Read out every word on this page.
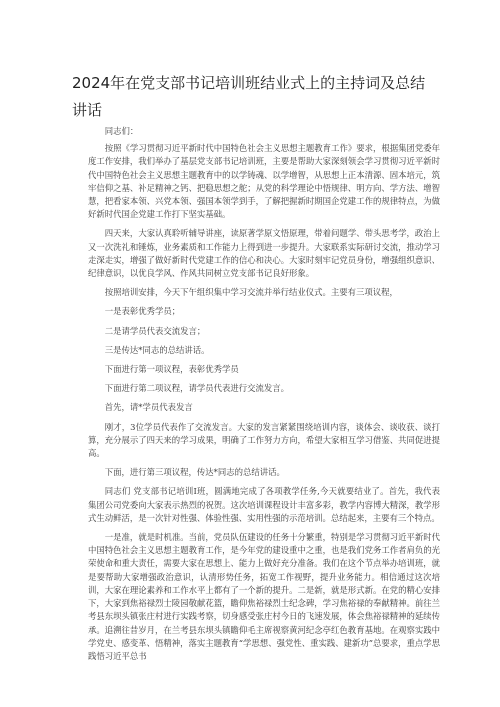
2024年在党支部书记培训班结业式上的主持词及总结讲话

同志们：

按照《学习贯彻习近平新时代中国特色社会主义思想主题教育工作》要求，根据集团党委年度工作安排，我们举办了基层党支部书记培训班，主要是帮助大家深刻领会学习贯彻习近平新时代中国特色社会主义思想主题教育中的以学铸魂、以学增智，从思想上正本清源、固本培元，筑牢信仰之基、补足精神之钙、把稳思想之舵；从党的科学理论中悟规律、明方向、学方法、增智慧，把看家本领、兴党本领、强国本领学到手，了解把握新时期国企党建工作的规律特点，为做好新时代国企党建工作打下坚实基础。

四天来，大家认真聆听辅导讲座，读原著学原文悟原理，带着问题学、带头思考学，政治上又一次洗礼和锤炼，业务素质和工作能力上得到进一步提升。大家联系实际研讨交流，推动学习走深走实，增强了做好新时代党建工作的信心和决心。大家时刻牢记党员身份，增强组织意识、纪律意识，以优良学风、作风共同树立党支部书记良好形象。

按照培训安排，今天下午组织集中学习交流并举行结业仪式。主要有三项议程，

一是表彰优秀学员；

二是请学员代表交流发言；

三是传达*同志的总结讲话。

下面进行第一项议程，表彰优秀学员

下面进行第二项议程，请学员代表进行交流发言。

首先，请*学员代表发言

刚才，3位学员代表作了交流发言。大家的发言紧紧围绕培训内容，谈体会、谈收获、谈打算，充分展示了四天来的学习成果，明确了工作努力方向，希望大家相互学习借鉴、共同促进提高。

下面，进行第三项议程，传达*同志的总结讲话。

同志们 党支部书记培训Ⅰ班，圆满地完成了各项教学任务,今天就要结业了。首先，我代表集团公司党委向大家表示热烈的祝贺。这次培训课程设计丰富多彩，教学内容博大精深，教学形式生动鲜活，是一次针对性强、体验性强、实用性强的示范培训。总结起来，主要有三个特点。

一是准，就是时机准。当前，党员队伍建设的任务十分繁重，特别是学习贯彻习近平新时代中国特色社会主义思想主题教育工作，是今年党的建设重中之重，也是我们党务工作者肩负的光荣使命和重大责任，需要大家在思想上、能力上做好充分准备。我们在这个节点举办培训班，就是要帮助大家增强政治意识，认清形势任务，拓宽工作视野，提升业务能力。相信通过这次培训，大家在理论素养和工作水平上都有了一个新的提升。二是新，就是形式新。在党的精心安排下，大家到焦裕禄烈士陵园敬献花篮，瞻仰焦裕禄烈士纪念碑，学习焦裕禄的奉献精神。前往兰考县东坝头镇张庄村进行实践考察，切身感受张庄村今日的飞速发展，体会焦裕禄精神的延续传承。追溯往昔岁月，在兰考县东坝头镇瞻仰毛主席视察黄河纪念亭红色教育基地。在观察实践中学党史、感变革、悟精神，落实主题教育“学思想、强党性、重实践、建新功”总要求，重点学思践悟习近平总书
